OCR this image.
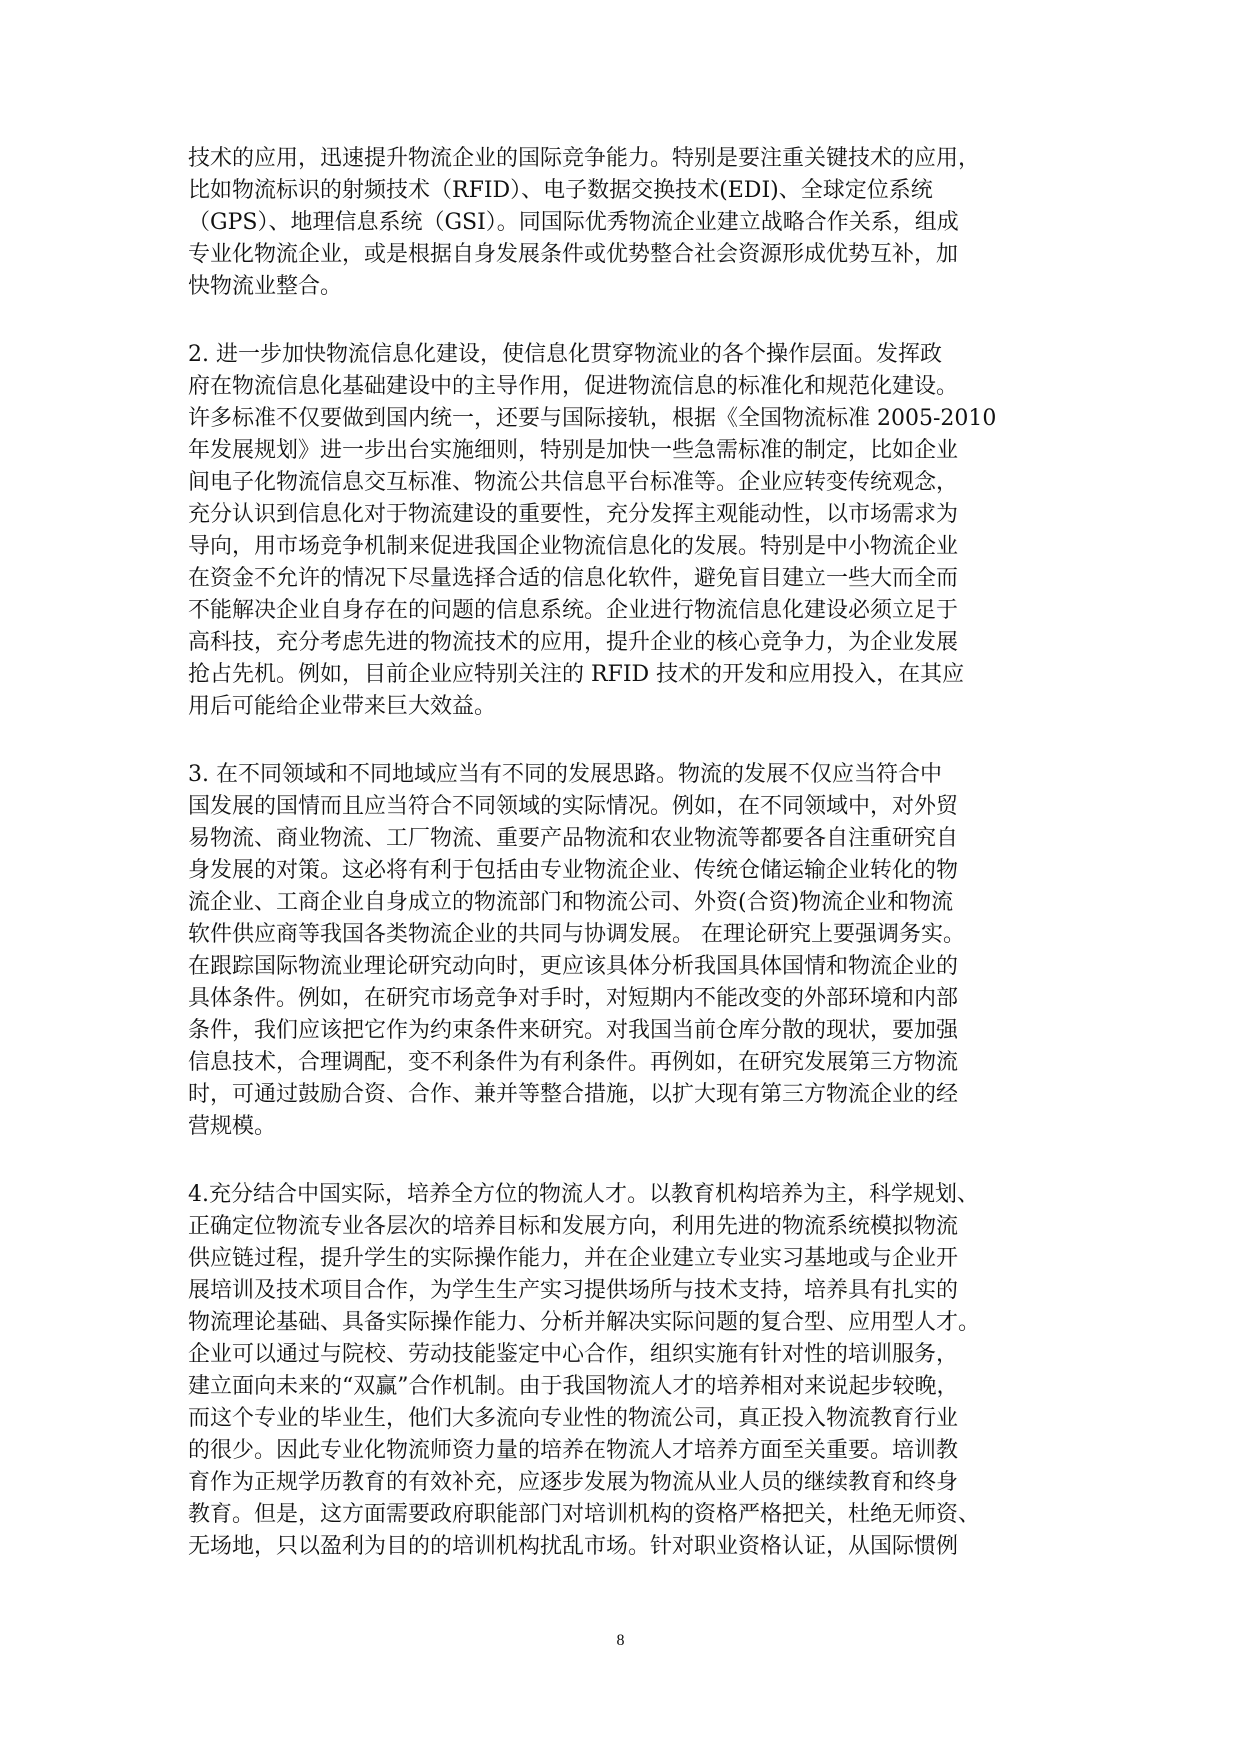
技术的应用，迅速提升物流企业的国际竞争能力。特别是要注重关键技术的应用，
比如物流标识的射频技术（RFID）、电子数据交换技术(EDI)、全球定位系统
（GPS）、地理信息系统（GSI）。同国际优秀物流企业建立战略合作关系，组成
专业化物流企业，或是根据自身发展条件或优势整合社会资源形成优势互补，加
快物流业整合。
2. 进一步加快物流信息化建设，使信息化贯穿物流业的各个操作层面。发挥政
府在物流信息化基础建设中的主导作用，促进物流信息的标准化和规范化建设。
许多标准不仅要做到国内统一，还要与国际接轨，根据《全国物流标准 2005-2010
年发展规划》进一步出台实施细则，特别是加快一些急需标准的制定，比如企业
间电子化物流信息交互标准、物流公共信息平台标准等。企业应转变传统观念，
充分认识到信息化对于物流建设的重要性，充分发挥主观能动性，以市场需求为
导向，用市场竞争机制来促进我国企业物流信息化的发展。特别是中小物流企业
在资金不允许的情况下尽量选择合适的信息化软件，避免盲目建立一些大而全而
不能解决企业自身存在的问题的信息系统。企业进行物流信息化建设必须立足于
高科技，充分考虑先进的物流技术的应用，提升企业的核心竞争力，为企业发展
抢占先机。例如，目前企业应特别关注的 RFID 技术的开发和应用投入，在其应
用后可能给企业带来巨大效益。
3. 在不同领域和不同地域应当有不同的发展思路。物流的发展不仅应当符合中
国发展的国情而且应当符合不同领域的实际情况。例如，在不同领域中，对外贸
易物流、商业物流、工厂物流、重要产品物流和农业物流等都要各自注重研究自
身发展的对策。这必将有利于包括由专业物流企业、传统仓储运输企业转化的物
流企业、工商企业自身成立的物流部门和物流公司、外资(合资)物流企业和物流
软件供应商等我国各类物流企业的共同与协调发展。 在理论研究上要强调务实。
在跟踪国际物流业理论研究动向时，更应该具体分析我国具体国情和物流企业的
具体条件。例如，在研究市场竞争对手时，对短期内不能改变的外部环境和内部
条件，我们应该把它作为约束条件来研究。对我国当前仓库分散的现状，要加强
信息技术，合理调配，变不利条件为有利条件。再例如，在研究发展第三方物流
时，可通过鼓励合资、合作、兼并等整合措施，以扩大现有第三方物流企业的经
营规模。
4.充分结合中国实际，培养全方位的物流人才。以教育机构培养为主，科学规划、
正确定位物流专业各层次的培养目标和发展方向，利用先进的物流系统模拟物流
供应链过程，提升学生的实际操作能力，并在企业建立专业实习基地或与企业开
展培训及技术项目合作，为学生生产实习提供场所与技术支持，培养具有扎实的
物流理论基础、具备实际操作能力、分析并解决实际问题的复合型、应用型人才。
企业可以通过与院校、劳动技能鉴定中心合作，组织实施有针对性的培训服务，
建立面向未来的“双赢”合作机制。由于我国物流人才的培养相对来说起步较晚，
而这个专业的毕业生，他们大多流向专业性的物流公司，真正投入物流教育行业
的很少。因此专业化物流师资力量的培养在物流人才培养方面至关重要。培训教
育作为正规学历教育的有效补充，应逐步发展为物流从业人员的继续教育和终身
教育。但是，这方面需要政府职能部门对培训机构的资格严格把关，杜绝无师资、
无场地，只以盈利为目的的培训机构扰乱市场。针对职业资格认证，从国际惯例
8
